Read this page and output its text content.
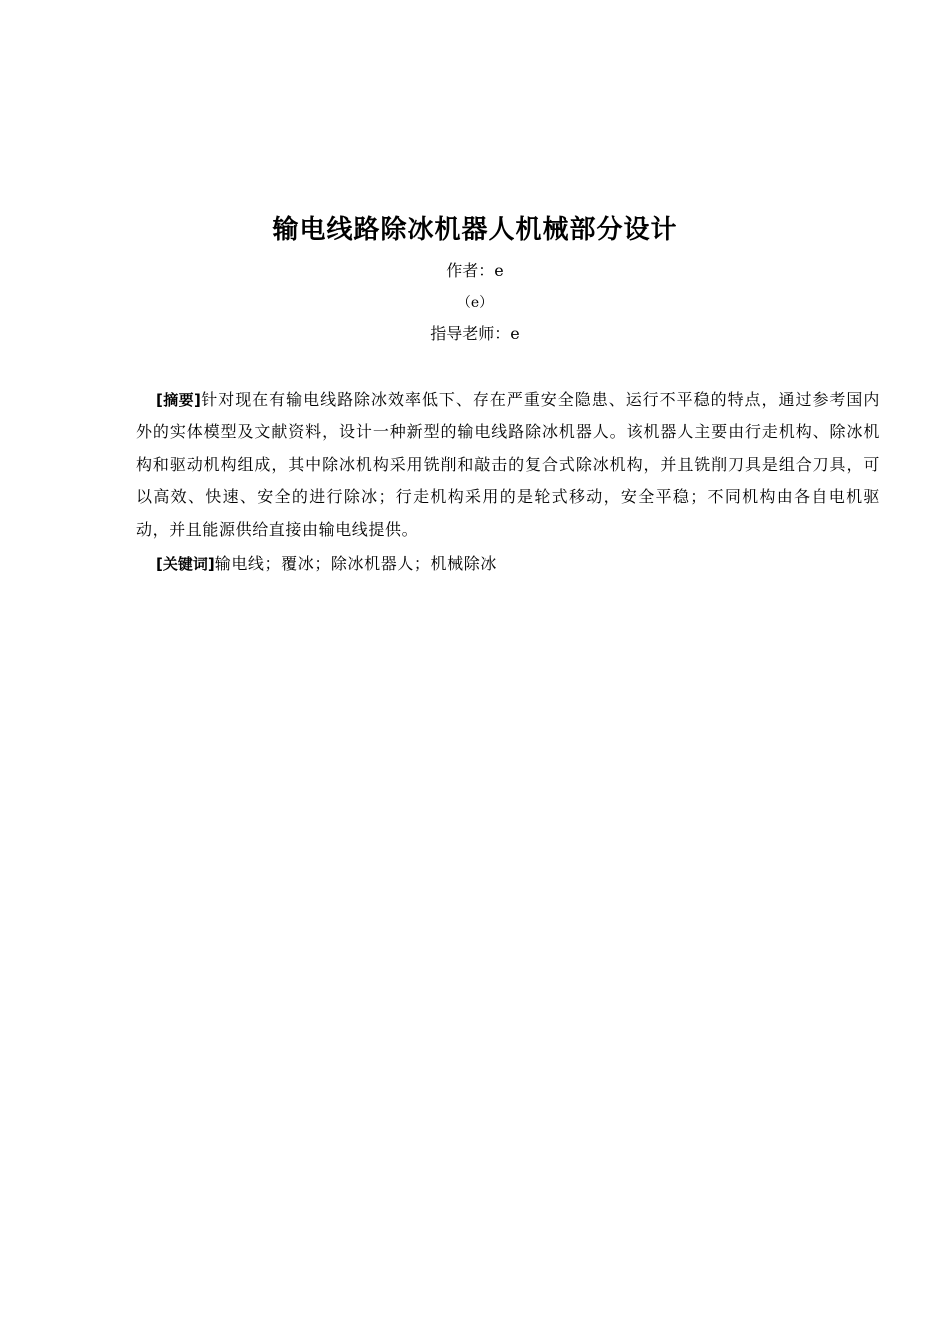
输电线路除冰机器人机械部分设计
作者：e
（e）
指导老师：e
[摘要]针对现在有输电线路除冰效率低下、存在严重安全隐患、运行不平稳的特点，通过参考国内外的实体模型及文献资料，设计一种新型的输电线路除冰机器人。该机器人主要由行走机构、除冰机构和驱动机构组成，其中除冰机构采用铣削和敲击的复合式除冰机构，并且铣削刀具是组合刀具，可以高效、快速、安全的进行除冰；行走机构采用的是轮式移动，安全平稳；不同机构由各自电机驱动，并且能源供给直接由输电线提供。
[关键词]输电线；覆冰；除冰机器人；机械除冰
